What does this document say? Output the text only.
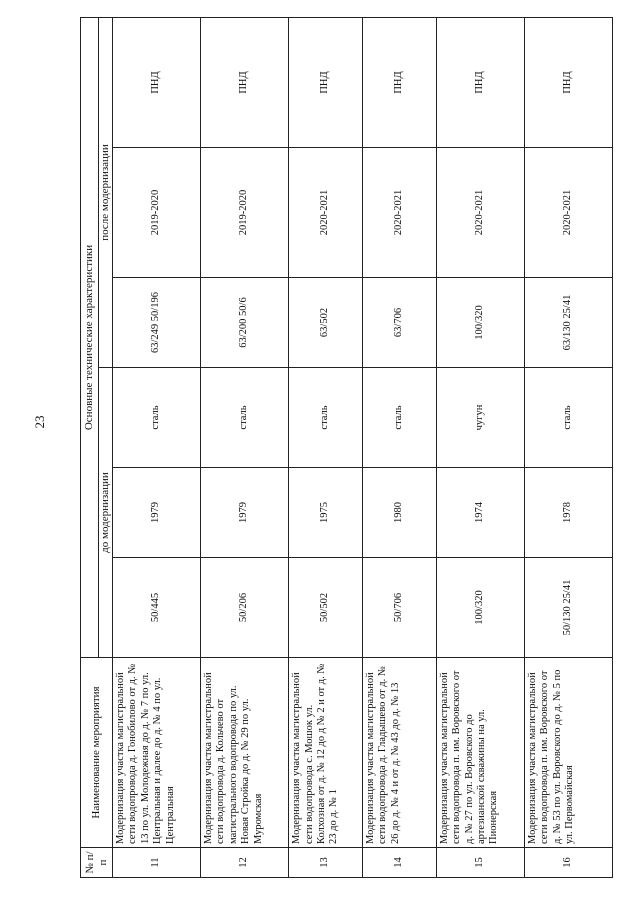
23
№ п/п	Наименование мероприятия	Основные технические характеристики					
		до модернизации			после модернизации		
11	Модернизация участка магистральной сети водопровода д. Гонобилово от д. № 13 по ул. Молодежная до д. № 7 по ул. Центральная и далее до д. № 4 по ул. Центральная	50/445	1979	сталь	63/249 50/196	2019-2020	ПНД
12	Модернизация участка магистральной сети водопровода д. Кольчево от магистрального водопровода по ул. Новая Стройка до д. № 29 по ул. Муромская	50/206	1979	сталь	63/200 50/6	2019-2020	ПНД
13	Модернизация участка магистральной сети водопровода с. Мошок ул. Колхозная от д. № 12 до д № 2 и от д. № 23 до д. № 1	50/502	1975	сталь	63/502	2020-2021	ПНД
14	Модернизация участка магистральной сети водопровода д. Гладышево от д. № 26 до д. № 4 и от д. № 43 до д. № 13	50/706	1980	сталь	63/706	2020-2021	ПНД
15	Модернизация участка магистральной сети водопровода п. им. Воровского от д. № 27 по ул. Воровского до артезианской скважины на ул. Пионерская	100/320	1974	чугун	100/320	2020-2021	ПНД
16	Модернизация участка магистральной сети водопровода п. им. Воровского от д. № 53 по ул. Воровского до д. № 5 по ул. Первомайская	50/130 25/41	1978	сталь	63/130 25/41	2020-2021	ПНД
